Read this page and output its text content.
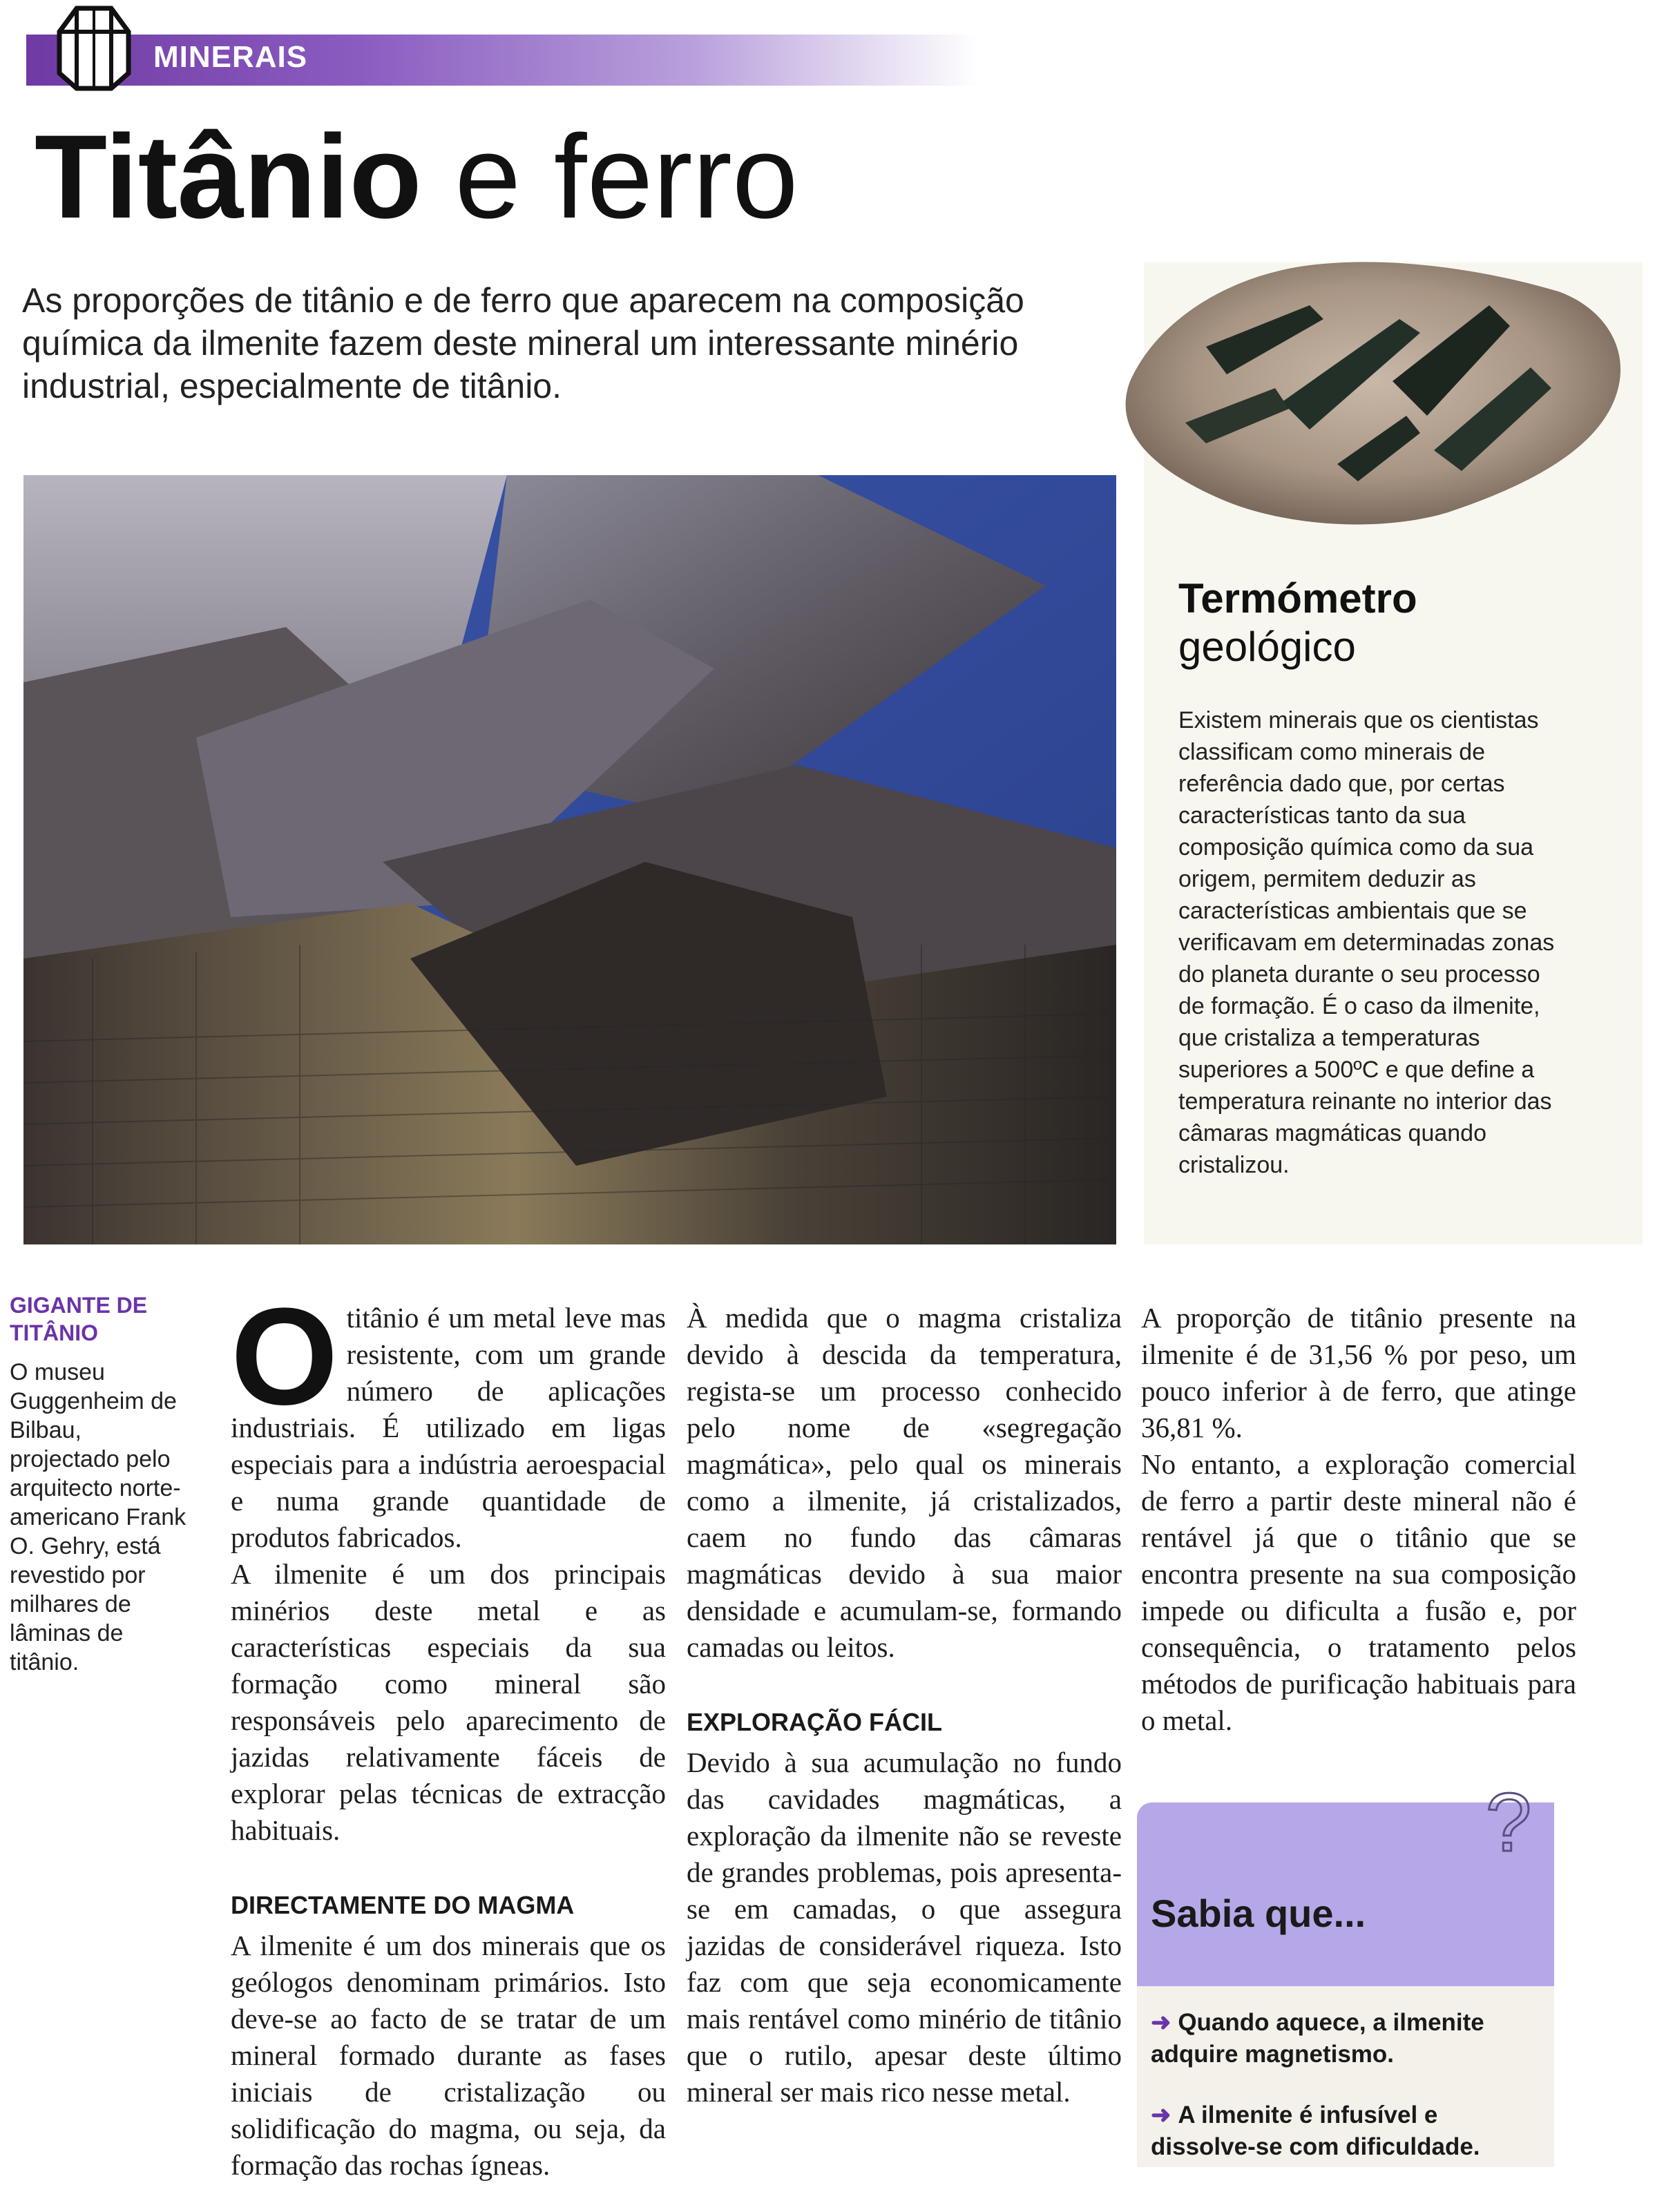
MINERAIS
Titânio e ferro
As proporções de titânio e de ferro que aparecem na composição química da ilmenite fazem deste mineral um interessante minério industrial, especialmente de titânio.
Termómetro
geológico
Existem minerais que os cientistas classificam como minerais de referência dado que, por certas características tanto da sua composição química como da sua origem, permitem deduzir as características ambientais que se verificavam em determinadas zonas do planeta durante o seu processo de formação. É o caso da ilmenite, que cristaliza a temperaturas superiores a 500ºC e que define a temperatura reinante no interior das câmaras magmáticas quando cristalizou.
GIGANTE DE TITÂNIO
O museu Guggenheim de Bilbau, projectado pelo arquitecto norte-americano Frank O. Gehry, está revestido por milhares de lâminas de titânio.

Otitânio é um metal leve mas resistente, com um grande número de aplicações industriais. É utilizado em ligas especiais para a indústria aeroespacial e numa grande quantidade de produtos fabricados.

A ilmenite é um dos principais minérios deste metal e as características especiais da sua formação como mineral são responsáveis pelo aparecimento de jazidas relativamente fáceis de explorar pelas técnicas de extracção habituais.

DIRECTAMENTE DO MAGMA

A ilmenite é um dos minerais que os geólogos denominam primários. Isto deve-se ao facto de se tratar de um mineral formado durante as fases iniciais de cristalização ou solidificação do magma, ou seja, da formação das rochas ígneas.

À medida que o magma cristaliza devido à descida da temperatura, regista-se um processo conhecido pelo nome de «segregação magmática», pelo qual os minerais como a ilmenite, já cristalizados, caem no fundo das câmaras magmáticas devido à sua maior densidade e acumulam-se, formando camadas ou leitos.

EXPLORAÇÃO FÁCIL

Devido à sua acumulação no fundo das cavidades magmáticas, a exploração da ilmenite não se reveste de grandes problemas, pois apresenta-se em camadas, o que assegura jazidas de considerável riqueza. Isto faz com que seja economicamente mais rentável como minério de titânio que o rutilo, apesar deste último mineral ser mais rico nesse metal.

A proporção de titânio presente na ilmenite é de 31,56 % por peso, um pouco inferior à de ferro, que atinge 36,81 %.

No entanto, a exploração comercial de ferro a partir deste mineral não é rentável já que o titânio que se encontra presente na sua composição impede ou dificulta a fusão e, por consequência, o tratamento pelos métodos de purificação habituais para o metal.

?
Sabia que...
➜ Quando aquece, a ilmenite adquire magnetismo.
➜ A ilmenite é infusível e dissolve-se com dificuldade.
